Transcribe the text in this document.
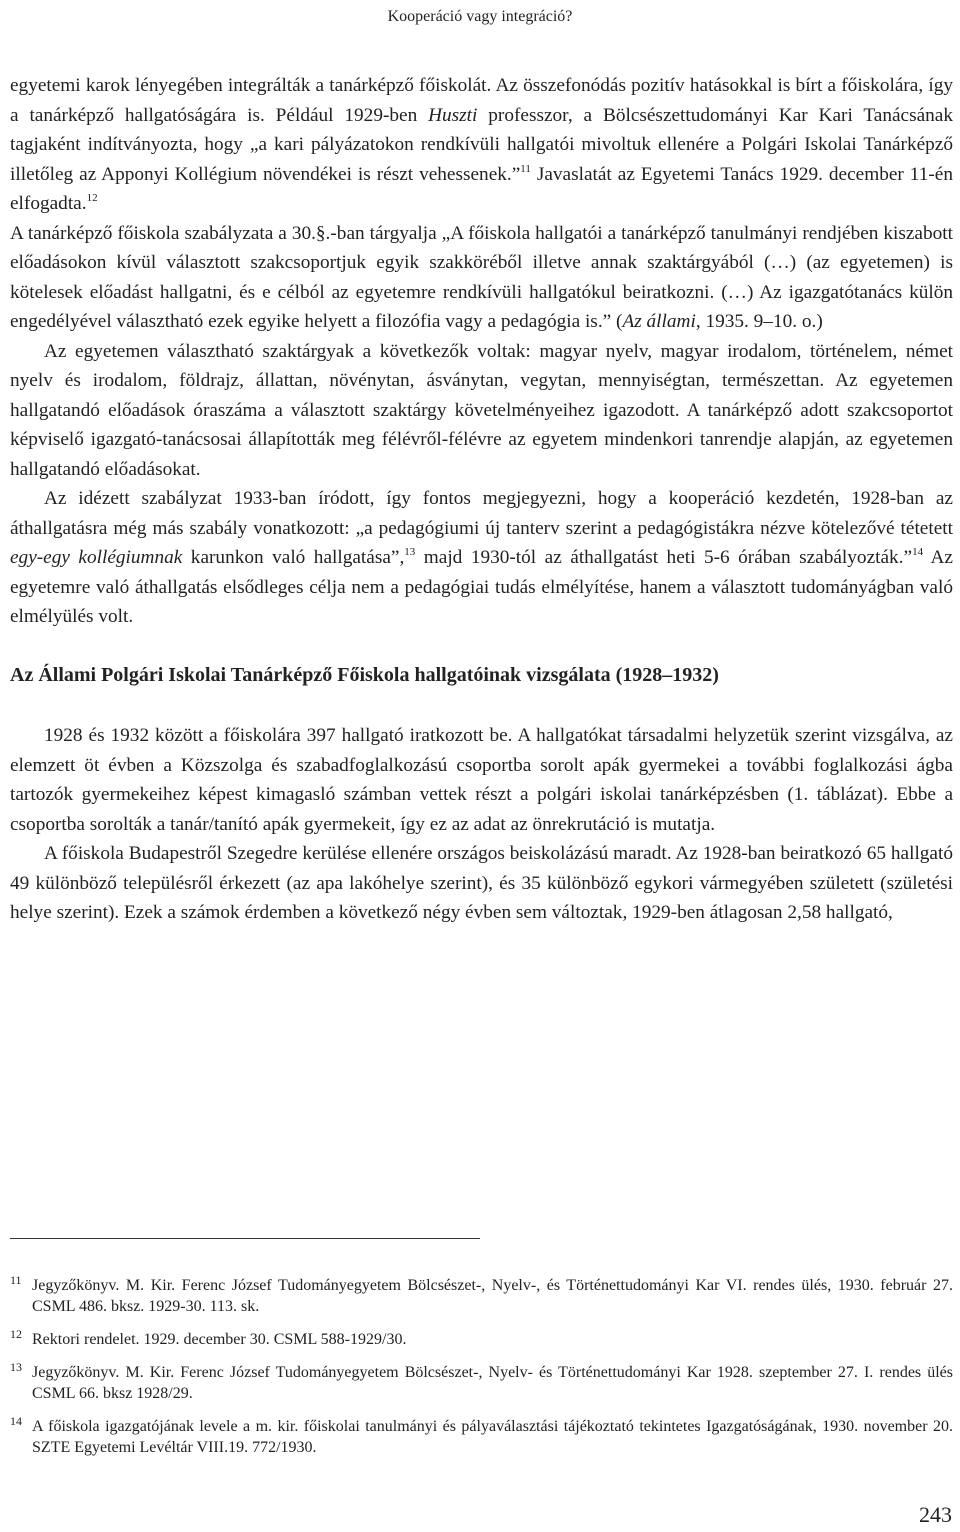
Kooperáció vagy integráció?

egyetemi karok lényegében integrálták a tanárképző főiskolát. Az összefonódás pozitív hatásokkal is bírt a főiskolára, így a tanárképző hallgatóságára is. Például 1929-ben Huszti professzor, a Bölcsészettudományi Kar Kari Tanácsának tagjaként indítványozta, hogy „a kari pályázatokon rendkívüli hallgatói mivoltuk ellenére a Polgári Iskolai Tanárképző illetőleg az Apponyi Kollégium növendékei is részt vehessenek.”$^{11}$ Javaslatát az Egyetemi Tanács 1929. december 11-én elfogadta.$^{12}$

A tanárképző főiskola szabályzata a 30.§.-ban tárgyalja „A főiskola hallgatói a tanárképző tanulmányi rendjében kiszabott előadásokon kívül választott szakcsoportjuk egyik szakköréből illetve annak szaktárgyából (…) (az egyetemen) is kötelesek előadást hallgatni, és e célból az egyetemre rendkívüli hallgatókul beiratkozni. (…) Az igazgatótanács külön engedélyével választható ezek egyike helyett a filozófia vagy a pedagógia is.” (Az állami, 1935. 9–10. o.)

Az egyetemen választható szaktárgyak a következők voltak: magyar nyelv, magyar irodalom, történelem, német nyelv és irodalom, földrajz, állattan, növénytan, ásványtan, vegytan, mennyiségtan, természettan. Az egyetemen hallgatandó előadások óraszáma a választott szaktárgy követelményeihez igazodott. A tanárképző adott szakcsoportot képviselő igazgató-tanácsosai állapították meg félévről-félévre az egyetem mindenkori tanrendje alapján, az egyetemen hallgatandó előadásokat.

Az idézett szabályzat 1933-ban íródott, így fontos megjegyezni, hogy a kooperáció kezdetén, 1928-ban az áthallgatásra még más szabály vonatkozott: „a pedagógiumi új tanterv szerint a pedagógistákra nézve kötelezővé tétetett egy-egy kollégiumnak karunkon való hallgatása”,$^{13}$ majd 1930-tól az áthallgatást heti 5-6 órában szabályozták.”$^{14}$ Az egyetemre való áthallgatás elsődleges célja nem a pedagógiai tudás elmélyítése, hanem a választott tudományágban való elmélyülés volt.

Az Állami Polgári Iskolai Tanárképző Főiskola hallgatóinak vizsgálata (1928–1932)

1928 és 1932 között a főiskolára 397 hallgató iratkozott be. A hallgatókat társadalmi helyzetük szerint vizsgálva, az elemzett öt évben a Közszolga és szabadfoglalkozású csoportba sorolt apák gyermekei a további foglalkozási ágba tartozók gyermekeihez képest kimagasló számban vettek részt a polgári iskolai tanárképzésben (1. táblázat). Ebbe a csoportba sorolták a tanár/tanító apák gyermekeit, így ez az adat az önrekrutáció is mutatja.

A főiskola Budapestről Szegedre kerülése ellenére országos beiskolázású maradt. Az 1928-ban beiratkozó 65 hallgató 49 különböző településről érkezett (az apa lakóhelye szerint), és 35 különböző egykori vármegyében született (születési helye szerint). Ezek a számok érdemben a következő négy évben sem változtak, 1929-ben átlagosan 2,58 hallgató,

11 Jegyzőkönyv. M. Kir. Ferenc József Tudományegyetem Bölcsészet-, Nyelv-, és Történettudományi Kar VI. rendes ülés, 1930. február 27. CSML 486. bksz. 1929-30. 113. sk.
12 Rektori rendelet. 1929. december 30. CSML 588-1929/30.
13 Jegyzőkönyv. M. Kir. Ferenc József Tudományegyetem Bölcsészet-, Nyelv- és Történettudományi Kar 1928. szeptember 27. I. rendes ülés CSML 66. bksz 1928/29.
14 A főiskola igazgatójának levele a m. kir. főiskolai tanulmányi és pályaválasztási tájékoztató tekintetes Igazgatóságának, 1930. november 20. SZTE Egyetemi Levéltár VIII.19. 772/1930.
243
